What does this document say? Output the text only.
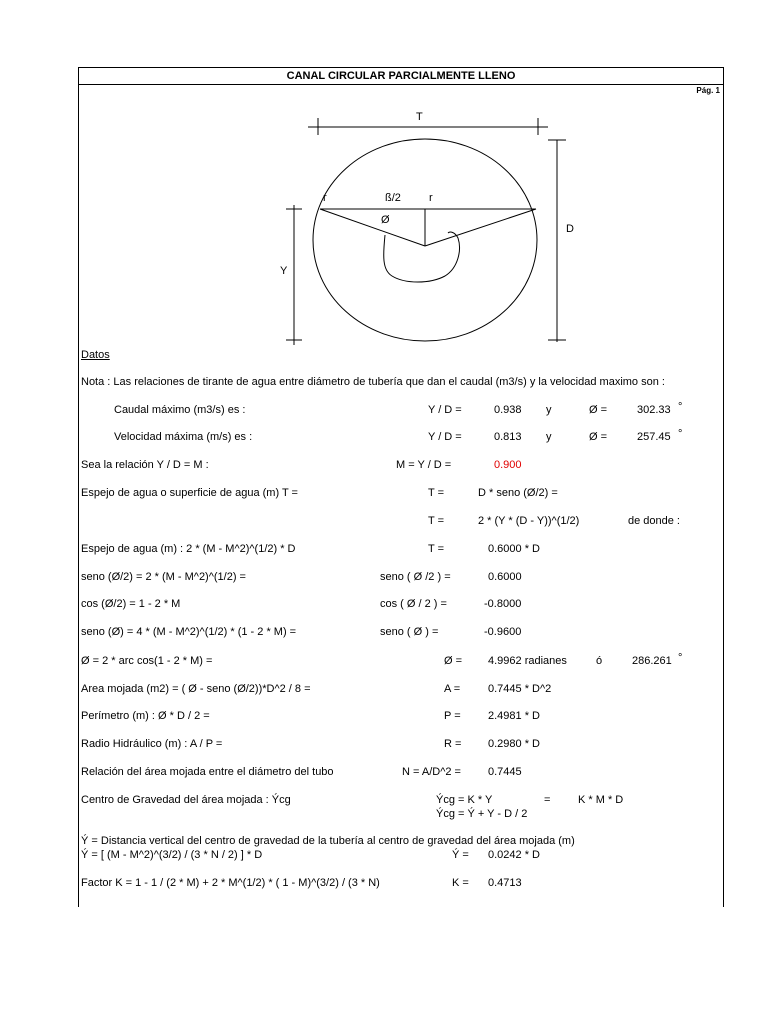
CANAL CIRCULAR PARCIALMENTE LLENO
Pág. 1
T
D
Y
r	ß/2	r
Ø
Datos
Nota : Las relaciones de tirante de agua entre diámetro de tubería que dan el caudal (m3/s) y la velocidad maximo son :
Caudal máximo (m3/s) es :	Y / D =	0.938 y	Ø =	302.33 °
Velocidad máxima (m/s) es :	Y / D =	0.813 y	Ø =	257.45 °
Sea la relación Y / D = M :	M = Y / D =	0.900
Espejo de agua o superficie de agua (m) T =	T =	D * seno (Ø/2) =
T =	2 * (Y * (D - Y))^(1/2)	de donde :
Espejo de agua (m) : 2 * (M - M^2)^(1/2) * D	T =	0.6000 * D
seno (Ø/2) = 2 * (M - M^2)^(1/2) =	seno ( Ø /2 ) =	0.6000
cos (Ø/2) = 1 - 2 * M	cos ( Ø / 2 ) =	-0.8000
seno (Ø) = 4 * (M - M^2)^(1/2) * (1 - 2 * M) =	seno ( Ø ) =	-0.9600
Ø = 2 * arc cos(1 - 2 * M) =	Ø = 4.9962 radianes	ó	286.261 °
Area mojada (m2) = ( Ø - seno (Ø/2))*D^2 / 8 =	A =	0.7445 * D^2
Perímetro (m) : Ø * D / 2 =	P = 2.4981 * D
Radio Hidráulico (m) : A / P =	R = 0.2980 * D
Relación del área mojada entre el diámetro del tubo	N = A/D^2 = 0.7445
Centro de Gravedad del área mojada : Ýcg	Ýcg = K * Y	=	K * M * D
Ýcg = Ý + Y - D / 2
Ý = Distancia vertical del centro de gravedad de la tubería al centro de gravedad del área mojada (m)
Ý = [ (M - M^2)^(3/2) / (3 * N / 2) ] * D	Ý = 0.0242 * D
Factor K = 1 - 1 / (2 * M) + 2 * M^(1/2) * ( 1 - M)^(3/2) / (3 * N)	K = 0.4713
